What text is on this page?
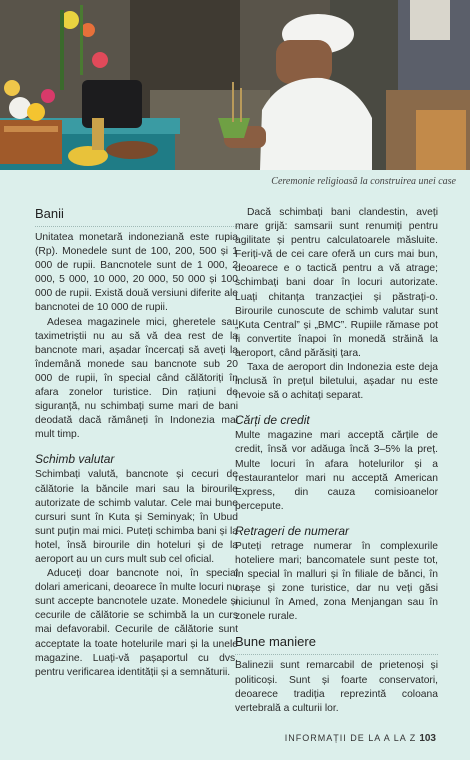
Ceremonie religioasă la construirea unei case
Banii

Unitatea monetară indoneziană este rupia (Rp). Monedele sunt de 100, 200, 500 și 1 000 de rupii. Bancnotele sunt de 1 000, 2 000, 5 000, 10 000, 20 000, 50 000 și 100 000 de rupii. Există două versiuni diferite ale bancnotei de 10 000 de rupii.

Adesea magazinele mici, gheretele sau taximetriștii nu au să vă dea rest de la bancnote mari, așadar încercați să aveți la îndemână monede sau bancnote sub 20 000 de rupii, în special când călătoriți în afara zonelor turistice. Din rațiuni de siguranță, nu schimbați sume mari de bani deodată dacă rămâneți în Indonezia mai mult timp.

Schimb valutar

Schimbați valută, bancnote și cecuri de călătorie la băncile mari sau la birourile autorizate de schimb valutar. Cele mai bune cursuri sunt în Kuta și Seminyak; în Ubud sunt puțin mai mici. Puteți schimba bani și la hotel, însă birourile din hoteluri și de la aeroport au un curs mult sub cel oficial.

Aduceți doar bancnote noi, în special dolari americani, deoarece în multe locuri nu sunt accepte bancnotele uzate. Monedele și cecurile de călătorie se schimbă la un curs mai defavorabil. Cecurile de călătorie sunt acceptate la toate hotelurile mari și la unele magazine. Luați-vă pașaportul cu dvs. pentru verificarea identității și a semnăturii.

Dacă schimbați bani clandestin, aveți mare grijă: samsarii sunt renumiți pentru agilitate și pentru calculatoarele măsluite. Feriți-vă de cei care oferă un curs mai bun, deoarece e o tactică pentru a vă atrage; schimbați bani doar în locuri autorizate. Luați chitanța tranzacției și păstrați-o. Birourile cunoscute de schimb valutar sunt „Kuta Central” și „BMC”. Rupiile rămase pot fi convertite înapoi în monedă străină la aeroport, când părăsiți țara.

Taxa de aeroport din Indonezia este deja inclusă în prețul biletului, așadar nu este nevoie să o achitați separat.

Cărți de credit

Multe magazine mari acceptă cărțile de credit, însă vor adăuga încă 3–5% la preț. Multe locuri în afara hotelurilor și a restaurantelor mari nu acceptă American Express, din cauza comisioanelor percepute.

Retrageri de numerar

Puteți retrage numerar în complexurile hoteliere mari; bancomatele sunt peste tot, în special în malluri și în filiale de bănci, în orașe și zone turistice, dar nu veți găsi niciunul în Amed, zona Menjangan sau în zonele rurale.

Bune maniere

Balinezii sunt remarcabil de prietenoși și politicoși. Sunt și foarte conservatori, deoarece tradiția reprezintă coloana vertebrală a culturii lor.

INFORMAȚII DE LA A LA Z 103
